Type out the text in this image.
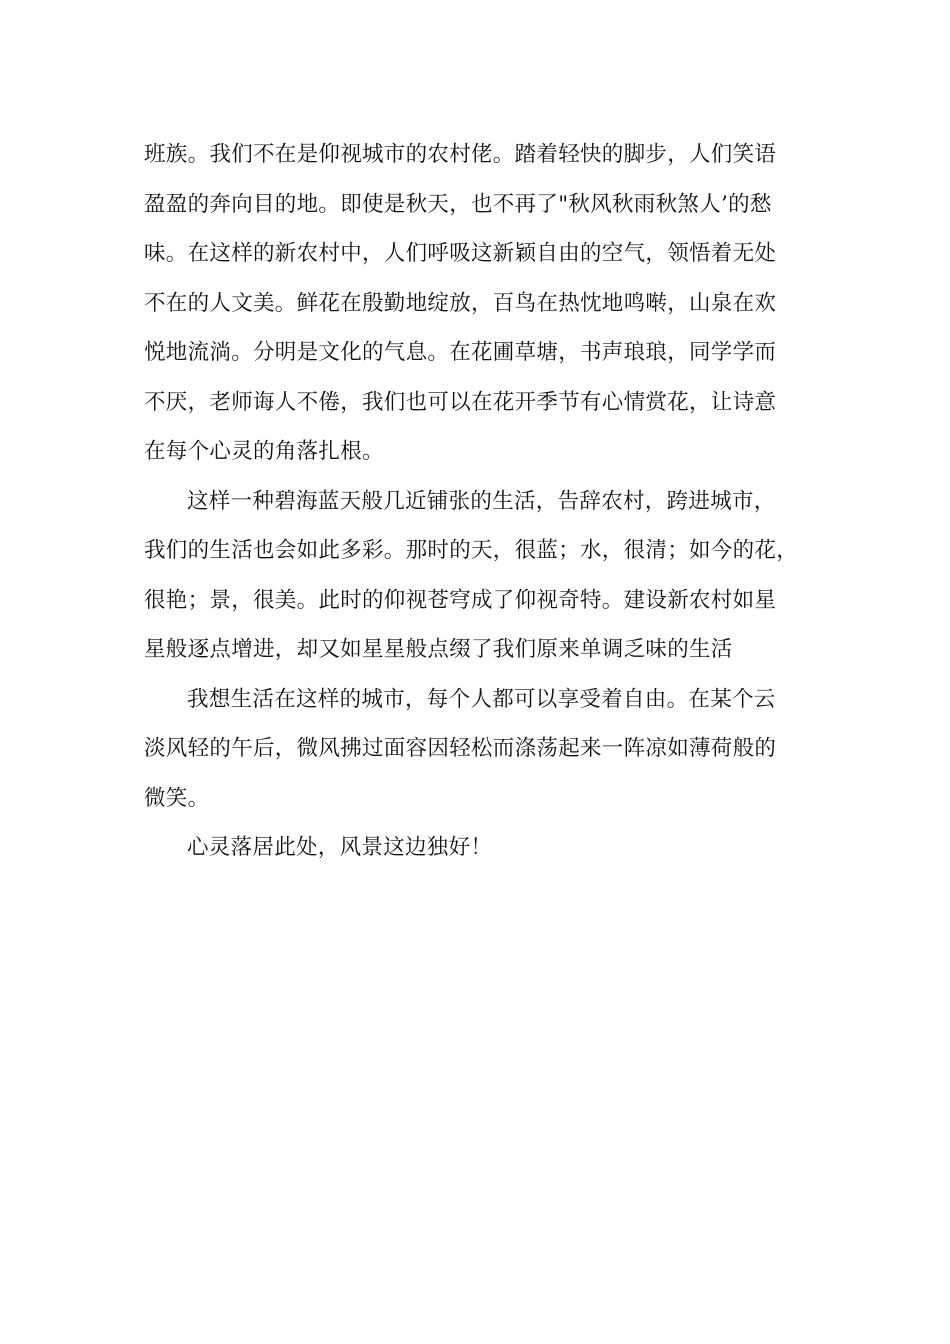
班族。我们不在是仰视城市的农村佬。踏着轻快的脚步，人们笑语
盈盈的奔向目的地。即使是秋天，也不再了"秋风秋雨秋煞人’的愁
味。在这样的新农村中，人们呼吸这新颖自由的空气，领悟着无处
不在的人文美。鲜花在殷勤地绽放，百鸟在热忱地鸣啭，山泉在欢
悦地流淌。分明是文化的气息。在花圃草塘，书声琅琅，同学学而
不厌，老师诲人不倦，我们也可以在花开季节有心情赏花，让诗意
在每个心灵的角落扎根。
这样一种碧海蓝天般几近铺张的生活，告辞农村，跨进城市，
我们的生活也会如此多彩。那时的天，很蓝；水，很清；如今的花，
很艳；景，很美。此时的仰视苍穹成了仰视奇特。建设新农村如星
星般逐点增进，却又如星星般点缀了我们原来单调乏味的生活
我想生活在这样的城市，每个人都可以享受着自由。在某个云
淡风轻的午后，微风拂过面容因轻松而涤荡起来一阵凉如薄荷般的
微笑。
心灵落居此处，风景这边独好！
